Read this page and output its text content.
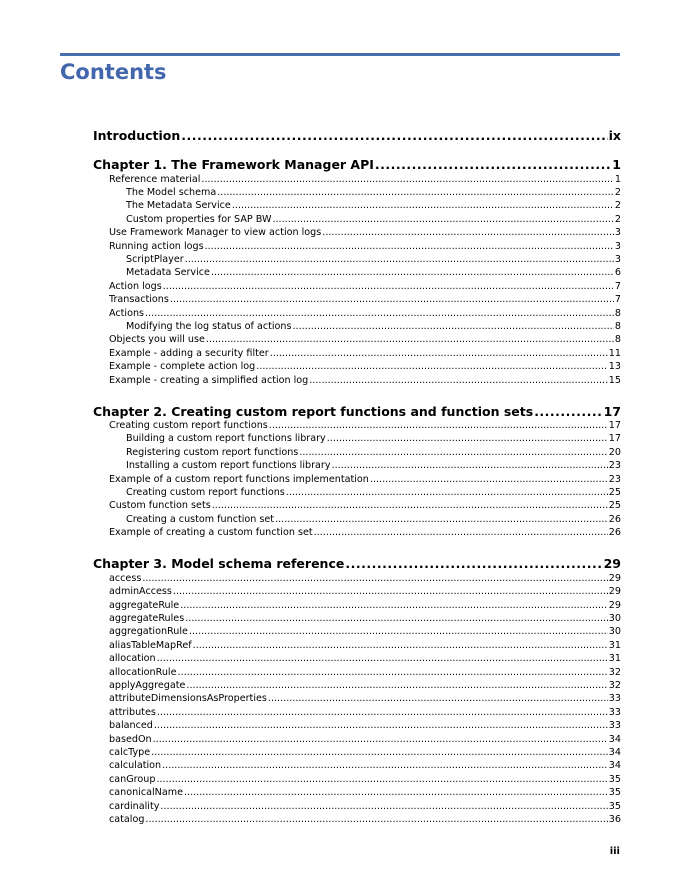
Contents
Introduction .....	ix
Chapter 1. The Framework Manager API .....	1
Reference material .....	1
The Model schema .....	2
The Metadata Service .....	2
Custom properties for SAP BW .....	2
Use Framework Manager to view action logs .....	3
Running action logs .....	3
ScriptPlayer .....	3
Metadata Service .....	6
Action logs .....	7
Transactions .....	7
Actions .....	8
Modifying the log status of actions .....	8
Objects you will use .....	8
Example - adding a security filter .....	11
Example - complete action log .....	13
Example - creating a simplified action log .....	15
Chapter 2. Creating custom report functions and function sets .....	17
Creating custom report functions .....	17
Building a custom report functions library .....	17
Registering custom report functions .....	20
Installing a custom report functions library .....	23
Example of a custom report functions implementation .....	23
Creating custom report functions .....	25
Custom function sets .....	25
Creating a custom function set .....	26
Example of creating a custom function set .....	26
Chapter 3. Model schema reference .....	29
access .....	29
adminAccess .....	29
aggregateRule .....	29
aggregateRules .....	30
aggregationRule .....	30
aliasTableMapRef .....	31
allocation .....	31
allocationRule .....	32
applyAggregate .....	32
attributeDimensionsAsProperties .....	33
attributes .....	33
balanced .....	33
basedOn .....	34
calcType .....	34
calculation .....	34
canGroup .....	35
canonicalName .....	35
cardinality .....	35
catalog .....	36
iii
